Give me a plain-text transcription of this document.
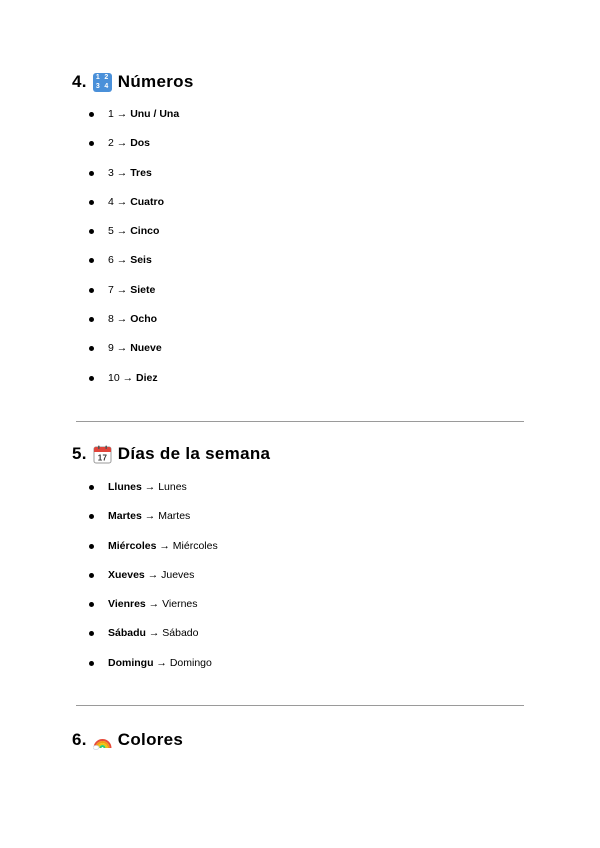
4. 1 2
3 4 Números
1 → Unu / Una
2 → Dos
3 → Tres
4 → Cuatro
5 → Cinco
6 → Seis
7 → Siete
8 → Ocho
9 → Nueve
10 → Diez
5. 17 Días de la semana
Llunes → Lunes
Martes → Martes
Miércoles → Miércoles
Xueves → Jueves
Vienres → Viernes
Sábadu → Sábado
Domingu → Domingo
6. Colores
